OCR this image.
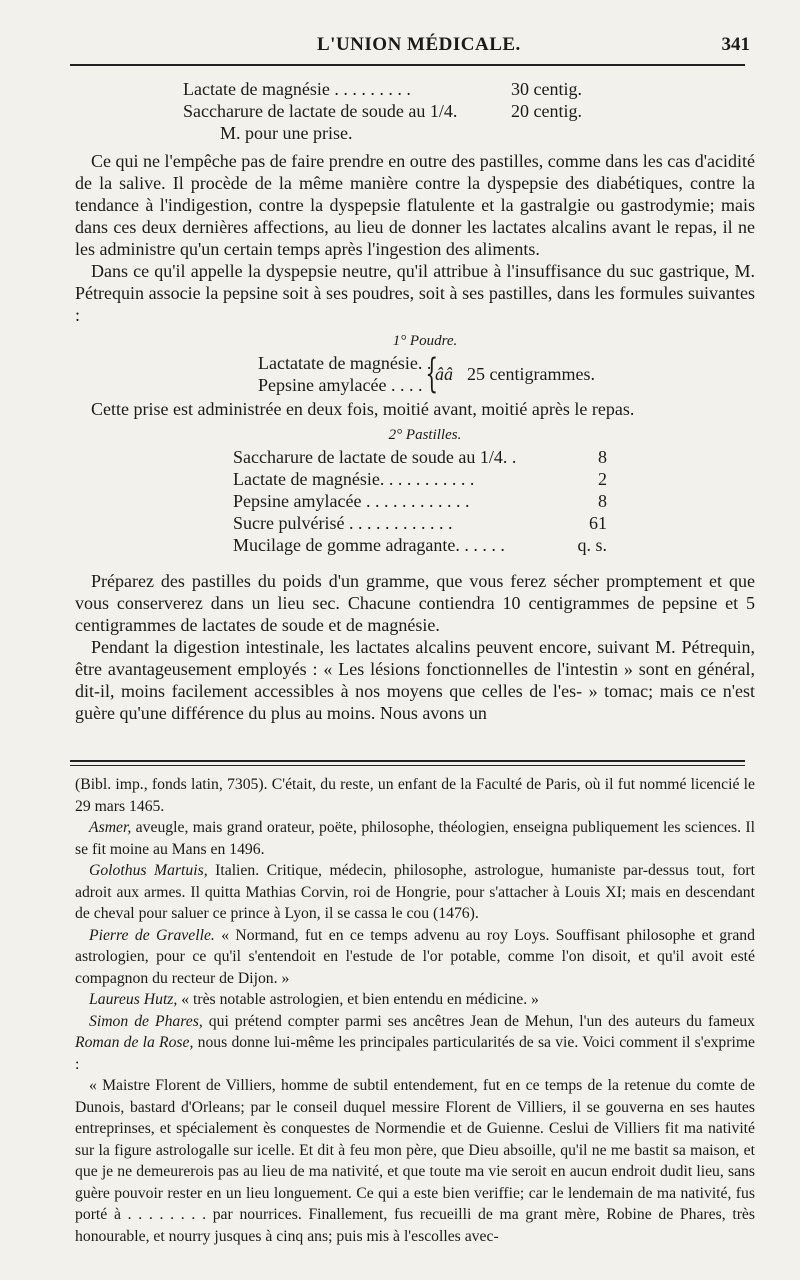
L'UNION MÉDICALE.	341
Lactate de magnésie . . . . . . . . .	30 centig.
Saccharure de lactate de soude au 1/4.	20 centig.
M. pour une prise.

Ce qui ne l'empêche pas de faire prendre en outre des pastilles, comme dans les cas d'acidité de la salive. Il procède de la même manière contre la dyspepsie des diabétiques, contre la tendance à l'indigestion, contre la dyspepsie flatulente et la gastralgie ou gastrodymie; mais dans ces deux dernières affections, au lieu de donner les lactates alcalins avant le repas, il ne les administre qu'un certain temps après l'ingestion des aliments.

Dans ce qu'il appelle la dyspepsie neutre, qu'il attribue à l'insuffisance du suc gastrique, M. Pétrequin associe la pepsine soit à ses poudres, soit à ses pastilles, dans les formules suivantes :

1° Poudre.
Lactatate de magnésie. .
Pepsine amylacée . . . . {
ââ 25 centigrammes.

Cette prise est administrée en deux fois, moitié avant, moitié après le repas.

2° Pastilles.
Saccharure de lactate de soude au 1/4. .	8
Lactate de magnésie. . . . . . . . . . .	2
Pepsine amylacée . . . . . . . . . . . .	8
Sucre pulvérisé . . . . . . . . . . . .	61
Mucilage de gomme adragante. . . . . .	q. s.

Préparez des pastilles du poids d'un gramme, que vous ferez sécher promptement et que vous conserverez dans un lieu sec. Chacune contiendra 10 centigrammes de pepsine et 5 centigrammes de lactates de soude et de magnésie.

Pendant la digestion intestinale, les lactates alcalins peuvent encore, suivant M. Pétrequin, être avantageusement employés : « Les lésions fonctionnelles de l'intestin » sont en général, dit-il, moins facilement accessibles à nos moyens que celles de l'es- » tomac; mais ce n'est guère qu'une différence du plus au moins. Nous avons un

(Bibl. imp., fonds latin, 7305). C'était, du reste, un enfant de la Faculté de Paris, où il fut nommé licencié le 29 mars 1465.

Asmer, aveugle, mais grand orateur, poëte, philosophe, théologien, enseigna publiquement les sciences. Il se fit moine au Mans en 1496.

Golothus Martuis, Italien. Critique, médecin, philosophe, astrologue, humaniste par-dessus tout, fort adroit aux armes. Il quitta Mathias Corvin, roi de Hongrie, pour s'attacher à Louis XI; mais en descendant de cheval pour saluer ce prince à Lyon, il se cassa le cou (1476).

Pierre de Gravelle. « Normand, fut en ce temps advenu au roy Loys. Souffisant philosophe et grand astrologien, pour ce qu'il s'entendoit en l'estude de l'or potable, comme l'on disoit, et qu'il avoit esté compagnon du recteur de Dijon. »

Laureus Hutz, « très notable astrologien, et bien entendu en médicine. »

Simon de Phares, qui prétend compter parmi ses ancêtres Jean de Mehun, l'un des auteurs du fameux Roman de la Rose, nous donne lui-même les principales particularités de sa vie. Voici comment il s'exprime :

« Maistre Florent de Villiers, homme de subtil entendement, fut en ce temps de la retenue du comte de Dunois, bastard d'Orleans; par le conseil duquel messire Florent de Villiers, il se gouverna en ses hautes entreprinses, et spécialement ès conquestes de Normendie et de Guienne. Ceslui de Villiers fit ma nativité sur la figure astrologalle sur icelle. Et dit à feu mon père, que Dieu absoille, qu'il ne me bastit sa maison, et que je ne demeurerois pas au lieu de ma nativité, et que toute ma vie seroit en aucun endroit dudit lieu, sans guère pouvoir rester en un lieu longuement. Ce qui a este bien veriffie; car le lendemain de ma nativité, fus porté à . . . . . . . . par nourrices. Finallement, fus recueilli de ma grant mère, Robine de Phares, très honourable, et nourry jusques à cinq ans; puis mis à l'escolles avec-
